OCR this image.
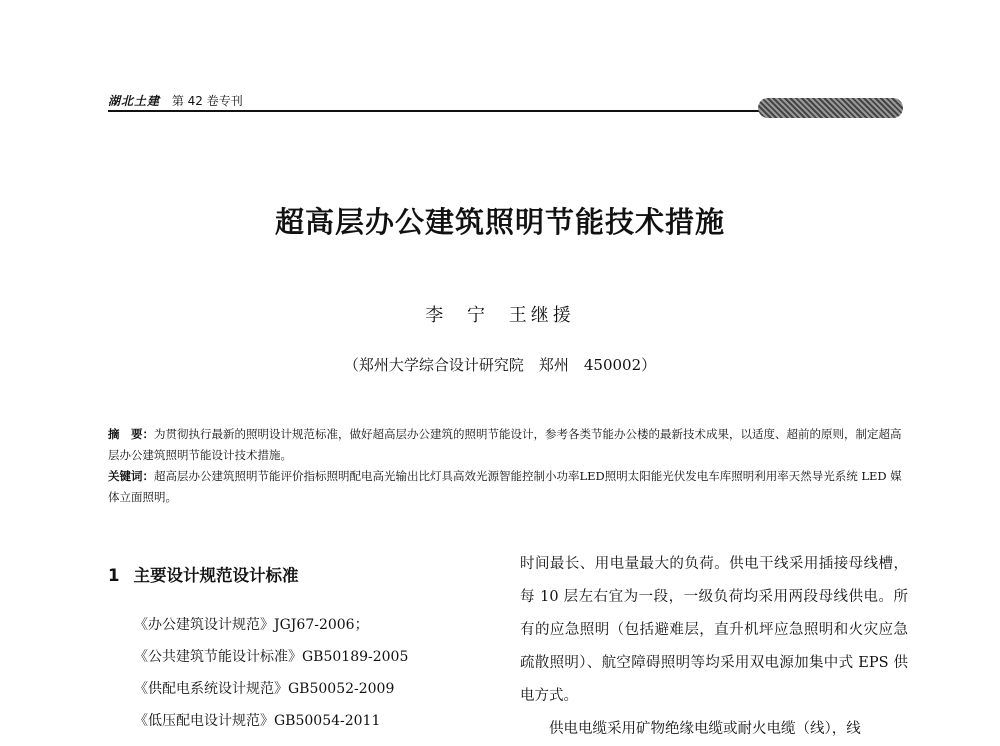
湖北土建 第 42 卷专刊
超高层办公建筑照明节能技术措施
李 宁 王继援
（郑州大学综合设计研究院　郑州　450002）

摘　要：为贯彻执行最新的照明设计规范标准，做好超高层办公建筑的照明节能设计，参考各类节能办公楼的最新技术成果，以适度、超前的原则，制定超高层办公建筑照明节能设计技术措施。

关键词：超高层办公建筑照明节能评价指标照明配电高光输出比灯具高效光源智能控制小功率LED照明太阳能光伏发电车库照明利用率天然导光系统 LED 媒体立面照明。

1 主要设计规范设计标准
《办公建筑设计规范》JGJ67-2006；
《公共建筑节能设计标准》GB50189-2005
《供配电系统设计规范》GB50052-2009
《低压配电设计规范》GB50054-2011

时间最长、用电量最大的负荷。供电干线采用插接母线槽，每 10 层左右宜为一段，一级负荷均采用两段母线供电。所有的应急照明（包括避难层，直升机坪应急照明和火灾应急疏散照明）、航空障碍照明等均采用双电源加集中式 EPS 供电方式。

供电电缆采用矿物绝缘电缆或耐火电缆（线），线
